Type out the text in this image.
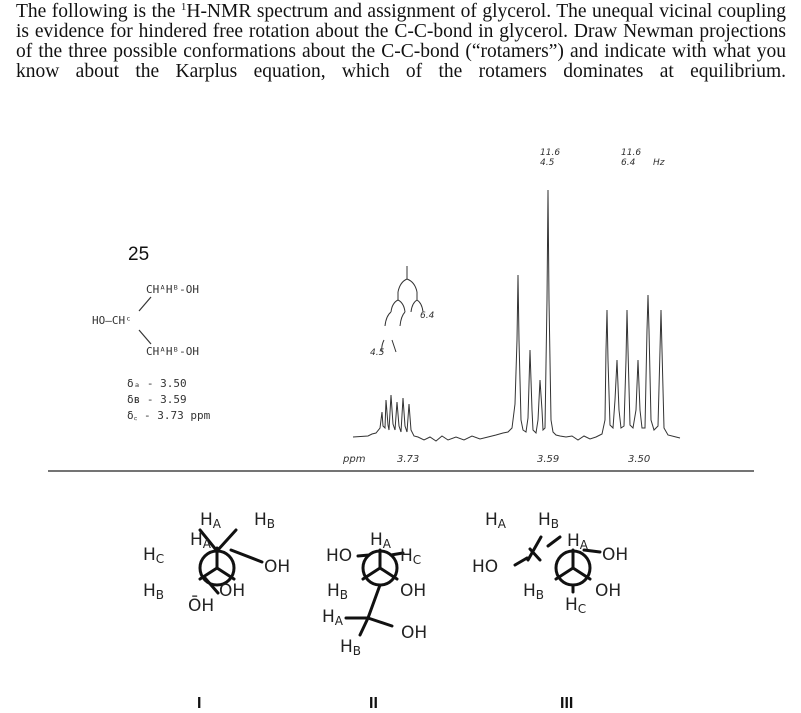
The following is the $^1$H-NMR spectrum and assignment of glycerol. The unequal vicinal coupling is evidence for hindered free rotation about the C-C-bond in glycerol. Draw Newman projections of the three possible conformations about the C-C-bond (“rotamers”) and indicate with what you know about the Karplus equation, which of the rotamers dominates at equilibrium.
25
CHᴬHᴮ-OH
HO—CHᶜ
CHᴬHᴮ-OH
δₐ - 3.50
δʙ - 3.59
δ꜀ - 3.73 ppm
6.4
4.5
11.6
4.5
11.6
6.4 Hz
ppm	3.73	3.59	3.50
HA HB
HA
HC	OH
HB	OH
ŌH
I
HA
HO	HC
HB	OH
HA
OH
HB
II
HA HB
HA
HO
OH
HB	OH
HC
III
